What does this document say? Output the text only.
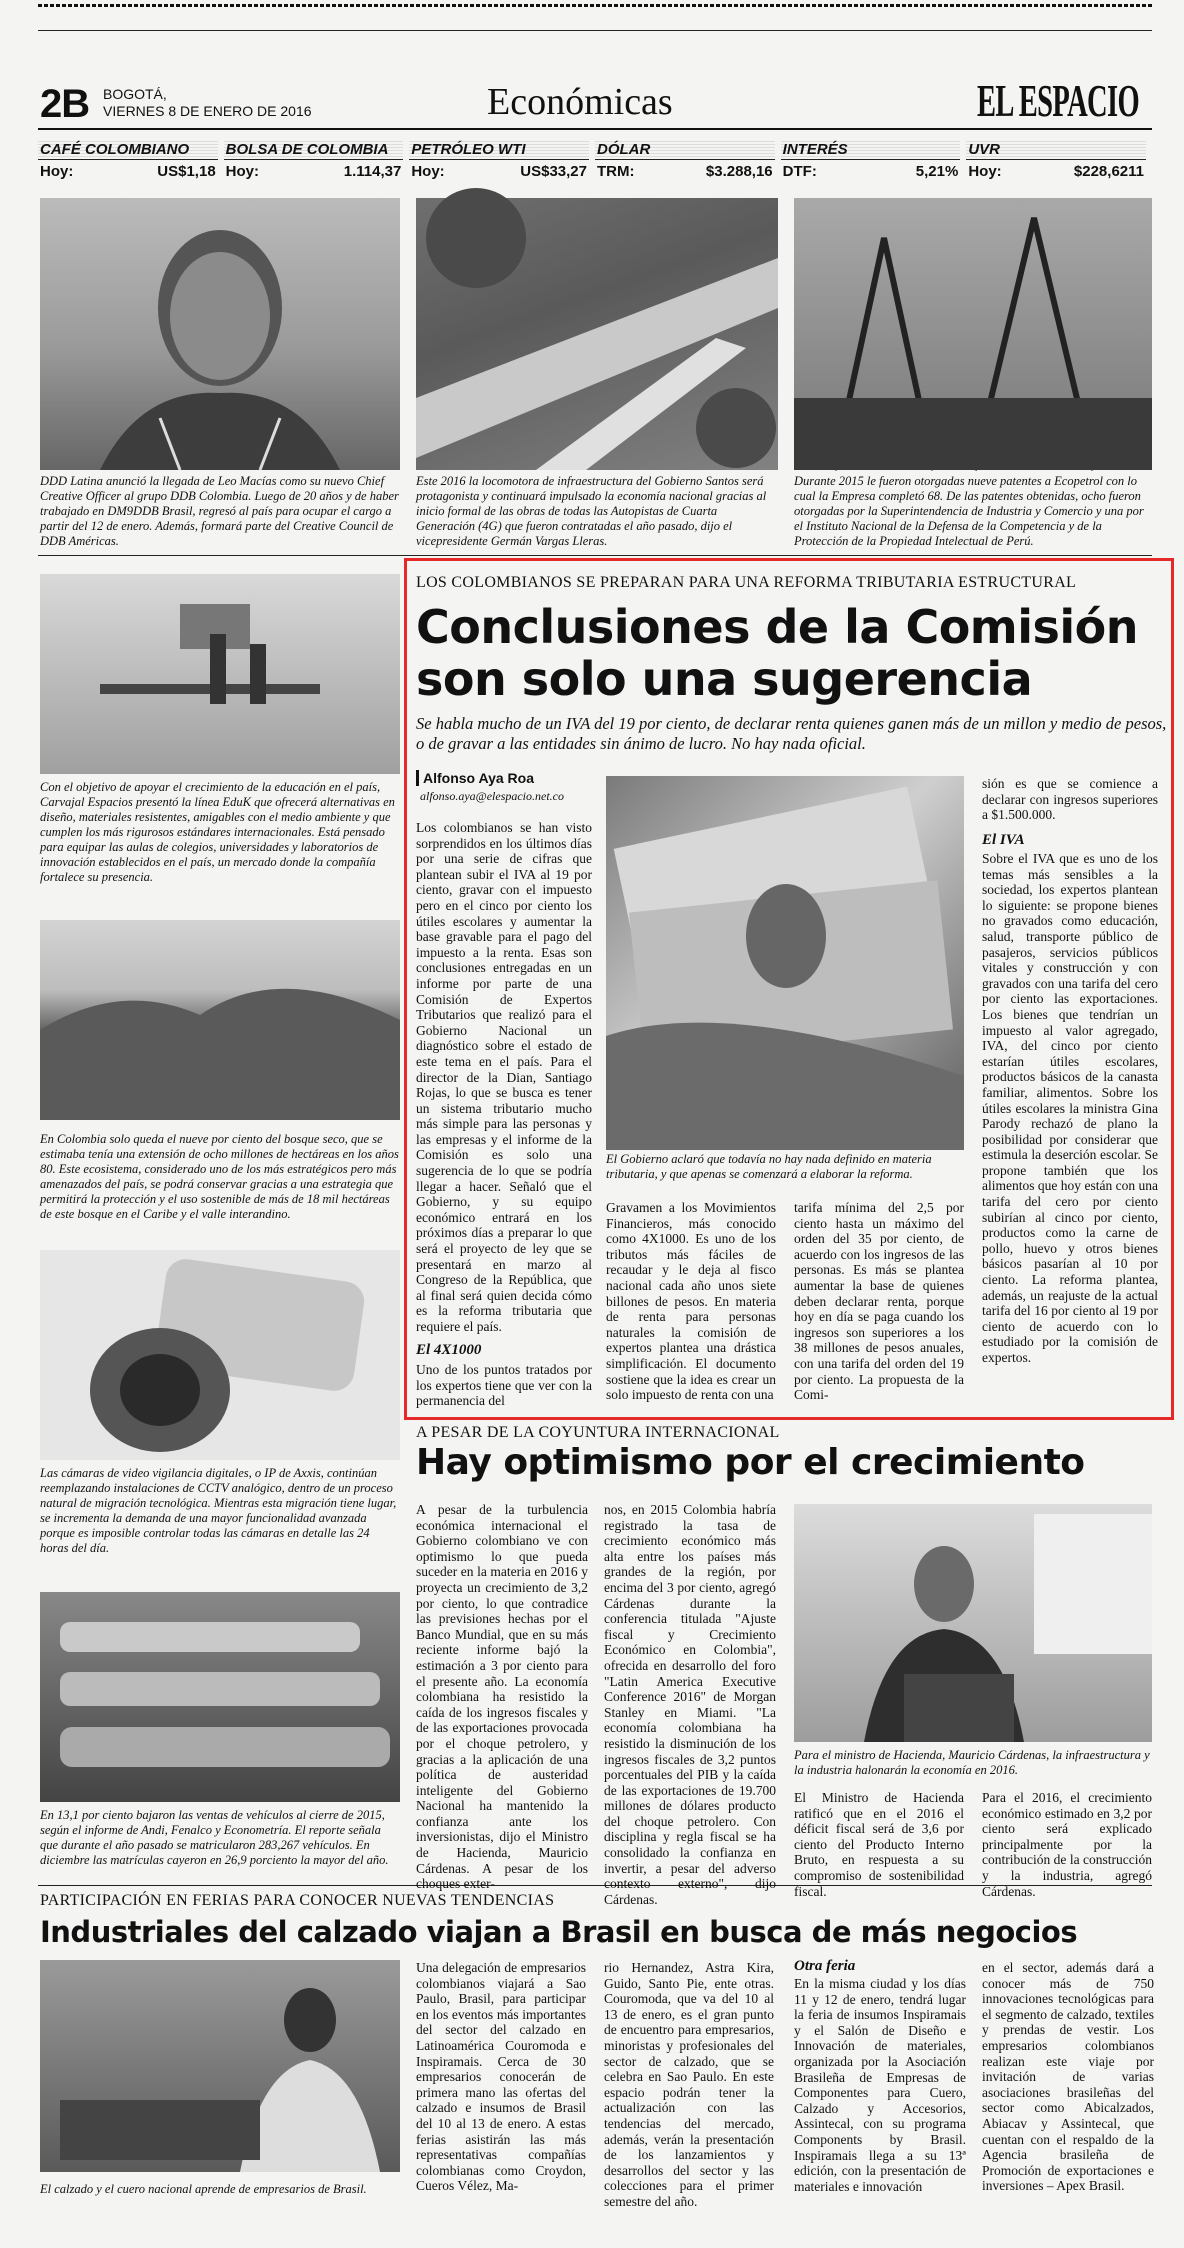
2B BOGOTÁ,
VIERNES 8 DE ENERO DE 2016	Económicas	EL ESPACIO
CAFÉ COLOMBIANO
Hoy:	US$1,18
BOLSA DE COLOMBIA
Hoy:	1.114,37
PETRÓLEO WTI
Hoy:	US$33,27
DÓLAR
TRM:	$3.288,16
INTERÉS
DTF:	5,21%
UVR
Hoy:	$228,6211
DDD Latina anunció la llegada de Leo Macías como su nuevo Chief Creative Officer al grupo DDB Colombia. Luego de 20 años y de haber trabajado en DM9DDB Brasil, regresó al país para ocupar el cargo a partir del 12 de enero. Además, formará parte del Creative Council de DDB Américas.
Este 2016 la locomotora de infraestructura del Gobierno Santos será protagonista y continuará impulsado la economía nacional gracias al inicio formal de las obras de todas las Autopistas de Cuarta Generación (4G) que fueron contratadas el año pasado, dijo el vicepresidente Germán Vargas Lleras.
Durante 2015 le fueron otorgadas nueve patentes a Ecopetrol con lo cual la Empresa completó 68. De las patentes obtenidas, ocho fueron otorgadas por la Superintendencia de Industria y Comercio y una por el Instituto Nacional de la Defensa de la Competencia y de la Protección de la Propiedad Intelectual de Perú.
Con el objetivo de apoyar el crecimiento de la educación en el país, Carvajal Espacios presentó la línea EduK que ofrecerá alternativas en diseño, materiales resistentes, amigables con el medio ambiente y que cumplen los más rigurosos estándares internacionales. Está pensado para equipar las aulas de colegios, universidades y laboratorios de innovación establecidos en el país, un mercado donde la compañía fortalece su presencia.
En Colombia solo queda el nueve por ciento del bosque seco, que se estimaba tenía una extensión de ocho millones de hectáreas en los años 80. Este ecosistema, considerado uno de los más estratégicos pero más amenazados del país, se podrá conservar gracias a una estrategia que permitirá la protección y el uso sostenible de más de 18 mil hectáreas de este bosque en el Caribe y el valle interandino.
Las cámaras de video vigilancia digitales, o IP de Axxis, continúan reemplazando instalaciones de CCTV analógico, dentro de un proceso natural de migración tecnológica. Mientras esta migración tiene lugar, se incrementa la demanda de una mayor funcionalidad avanzada porque es imposible controlar todas las cámaras en detalle las 24 horas del día.
En 13,1 por ciento bajaron las ventas de vehículos al cierre de 2015, según el informe de Andi, Fenalco y Econometría. El reporte señala que durante el año pasado se matricularon 283,267 vehículos. En diciembre las matrículas cayeron en 26,9 porciento la mayor del año.
LOS COLOMBIANOS SE PREPARAN PARA UNA REFORMA TRIBUTARIA ESTRUCTURAL
Conclusiones de la Comisión son solo una sugerencia
Se habla mucho de un IVA del 19 por ciento, de declarar renta quienes ganen más de un millon y medio de pesos, o de gravar a las entidades sin ánimo de lucro. No hay nada oficial.
Alfonso Aya Roa
alfonso.aya@elespacio.net.co

Los colombianos se han visto sorprendidos en los últimos días por una serie de cifras que plantean subir el IVA al 19 por ciento, gravar con el impuesto pero en el cinco por ciento los útiles escolares y aumentar la base gravable para el pago del impuesto a la renta. Esas son conclusiones entregadas en un informe por parte de una Comisión de Expertos Tributarios que realizó para el Gobierno Nacional un diagnóstico sobre el estado de este tema en el país. Para el director de la Dian, Santiago Rojas, lo que se busca es tener un sistema tributario mucho más simple para las personas y las empresas y el informe de la Comisión es solo una sugerencia de lo que se podría llegar a hacer. Señaló que el Gobierno, y su equipo económico entrará en los próximos días a preparar lo que será el proyecto de ley que se presentará en marzo al Congreso de la República, que al final será quien decida cómo es la reforma tributaria que requiere el país.

El 4X1000

Uno de los puntos tratados por los expertos tiene que ver con la permanencia del

El Gobierno aclaró que todavía no hay nada definido en materia tributaria, y que apenas se comenzará a elaborar la reforma.

Gravamen a los Movimientos Financieros, más conocido como 4X1000. Es uno de los tributos más fáciles de recaudar y le deja al fisco nacional cada año unos siete billones de pesos. En materia de renta para personas naturales la comisión de expertos plantea una drástica simplificación. El documento sostiene que la idea es crear un solo impuesto de renta con una

tarifa mínima del 2,5 por ciento hasta un máximo del orden del 35 por ciento, de acuerdo con los ingresos de las personas. Es más se plantea aumentar la base de quienes deben declarar renta, porque hoy en día se paga cuando los ingresos son superiores a los 38 millones de pesos anuales, con una tarifa del orden del 19 por ciento. La propuesta de la Comi-

sión es que se comience a declarar con ingresos superiores a $1.500.000.

El IVA

Sobre el IVA que es uno de los temas más sensibles a la sociedad, los expertos plantean lo siguiente: se propone bienes no gravados como educación, salud, transporte público de pasajeros, servicios públicos vitales y construcción y con gravados con una tarifa del cero por ciento las exportaciones. Los bienes que tendrían un impuesto al valor agregado, IVA, del cinco por ciento estarían útiles escolares, productos básicos de la canasta familiar, alimentos. Sobre los útiles escolares la ministra Gina Parody rechazó de plano la posibilidad por considerar que estimula la deserción escolar. Se propone también que los alimentos que hoy están con una tarifa del cero por ciento subirían al cinco por ciento, productos como la carne de pollo, huevo y otros bienes básicos pasarían al 10 por ciento. La reforma plantea, además, un reajuste de la actual tarifa del 16 por ciento al 19 por ciento de acuerdo con lo estudiado por la comisión de expertos.

A PESAR DE LA COYUNTURA INTERNACIONAL
Hay optimismo por el crecimiento

A pesar de la turbulencia económica internacional el Gobierno colombiano ve con optimismo lo que pueda suceder en la materia en 2016 y proyecta un crecimiento de 3,2 por ciento, lo que contradice las previsiones hechas por el Banco Mundial, que en su más reciente informe bajó la estimación a 3 por ciento para el presente año. La economía colombiana ha resistido la caída de los ingresos fiscales y de las exportaciones provocada por el choque petrolero, y gracias a la aplicación de una política de austeridad inteligente del Gobierno Nacional ha mantenido la confianza ante los inversionistas, dijo el Ministro de Hacienda, Mauricio Cárdenas. A pesar de los choques exter-

nos, en 2015 Colombia habría registrado la tasa de crecimiento económico más alta entre los países más grandes de la región, por encima del 3 por ciento, agregó Cárdenas durante la conferencia titulada "Ajuste fiscal y Crecimiento Económico en Colombia", ofrecida en desarrollo del foro "Latin America Executive Conference 2016" de Morgan Stanley en Miami. "La economía colombiana ha resistido la disminución de los ingresos fiscales de 3,2 puntos porcentuales del PIB y la caída de las exportaciones de 19.700 millones de dólares producto del choque petrolero. Con disciplina y regla fiscal se ha consolidado la confianza en invertir, a pesar del adverso contexto externo", dijo Cárdenas.

Para el ministro de Hacienda, Mauricio Cárdenas, la infraestructura y la industria halonarán la economía en 2016.

El Ministro de Hacienda ratificó que en el 2016 el déficit fiscal será de 3,6 por ciento del Producto Interno Bruto, en respuesta a su compromiso de sostenibilidad fiscal.

Para el 2016, el crecimiento económico estimado en 3,2 por ciento será explicado principalmente por la contribución de la construcción y la industria, agregó Cárdenas.

PARTICIPACIÓN EN FERIAS PARA CONOCER NUEVAS TENDENCIAS
Industriales del calzado viajan a Brasil en busca de más negocios
El calzado y el cuero nacional aprende de empresarios de Brasil.

Una delegación de empresarios colombianos viajará a Sao Paulo, Brasil, para participar en los eventos más importantes del sector del calzado en Latinoamérica Couromoda e Inspiramais. Cerca de 30 empresarios conocerán de primera mano las ofertas del calzado e insumos de Brasil del 10 al 13 de enero. A estas ferias asistirán las más representativas compañías colombianas como Croydon, Cueros Vélez, Ma-

rio Hernandez, Astra Kira, Guido, Santo Pie, ente otras. Couromoda, que va del 10 al 13 de enero, es el gran punto de encuentro para empresarios, minoristas y profesionales del sector de calzado, que se celebra en Sao Paulo. En este espacio podrán tener la actualización con las tendencias del mercado, además, verán la presentación de los lanzamientos y desarrollos del sector y las colecciones para el primer semestre del año.

Otra feria

En la misma ciudad y los días 11 y 12 de enero, tendrá lugar la feria de insumos Inspiramais y el Salón de Diseño e Innovación de materiales, organizada por la Asociación Brasileña de Empresas de Componentes para Cuero, Calzado y Accesorios, Assintecal, con su programa Components by Brasil. Inspiramais llega a su 13ª edición, con la presentación de materiales e innovación

en el sector, además dará a conocer más de 750 innovaciones tecnológicas para el segmento de calzado, textiles y prendas de vestir. Los empresarios colombianos realizan este viaje por invitación de varias asociaciones brasileñas del sector como Abicalzados, Abiacav y Assintecal, que cuentan con el respaldo de la Agencia brasileña de Promoción de exportaciones e inversiones – Apex Brasil.
